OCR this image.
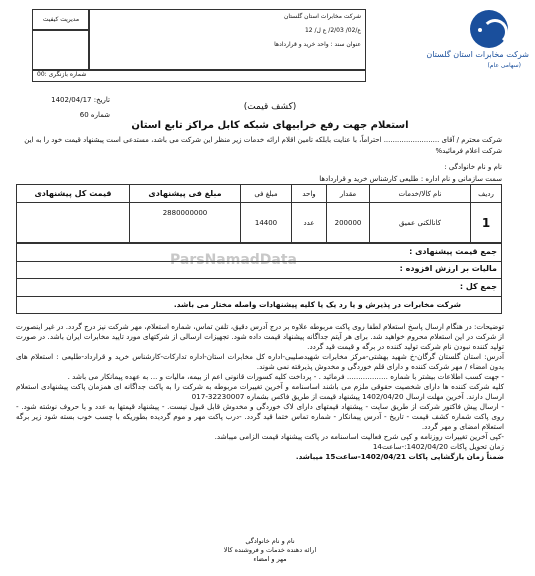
شرکت مخابرات استان گلستان
(سهامی عام)
شرکت مخابرات استان گلستان
ع/02/ 2/03/ ع ل/ 12
عنوان سند : واحد خرید و قراردادها
مدیریت کیفیت
شماره بازنگری :00
تاریخ: 1402/04/17
شماره 60
(کشف قیمت)
استعلام جهت رفع خرابیهای شبکه کابل مراکز تابع استان
شرکت محترم / آقای ......................... احتراماً، با عنایت بابلکه تامین اقلام ارائه خدمات زیر منظر این شرکت می باشد، مستدعی است پیشنهاد قیمت خود را به این شرکت اعلام فرمائید%
نام و نام خانوادگی :
سمت سازمانی و نام اداره : طلیعی کارشناس خرید و قراردادها
ردیف	نام کالا/خدمات	مقدار	واحد	مبلغ فی	مبلغ فی پیشنهادی	قیمت کل پیشنهادی
1	کانالکنی عمیق	200000	عدد	14400	2880000000	
ParsNamadData
جمع قیمت پیشنهادی :
مالیات بر ارزش افزوده :
جمع کل :
شرکت مخابرات در پذیرش و یا رد یک یا کلیه پیشنهادات واصله مختار می باشد.
توضیحات: در هنگام ارسال پاسخ استعلام لطفا روی پاکت مربوطه علاوه بر درج آدرس دقیق، تلفن تماس، شماره استعلام، مهر شرکت نیز درج گردد. در غیر اینصورت از شرکت در این استعلام محروم خواهید شد. برای هر آیتم جداگانه پیشنهاد قیمت داده شود. تجهیزات ارسالی از شرکتهای مورد تایید مخابرات ایران باشد. در صورت تولید کننده نبودن نام شرکت تولید کننده در برگه و قیمت قید گردد.
آدرس: استان گلستان گرگان-خ شهید بهشتی-مرکز مخابرات شهیدصلیبی-اداره کل مخابرات استان-اداره تدارکات-کارشناس خرید و قرارداد-طلیعی : استعلام های بدون امضاء / مهر شرکت کننده و دارای قلم خوردگی و مخدوش پذیرفته نمی شوند.
- جهت کسب اطلاعات بیشتر با شماره .................. فرمائید . - پرداخت کلیه کسورات قانونی اعم از بیمه، مالیات و ... به عهده پیمانکار می باشد .
کلیه شرکت کننده ها دارای شخصیت حقوقی ملزم می باشند اساسنامه و آخرین تغییرات مربوطه به شرکت را به پاکت جداگانه ای همزمان پاکت پیشنهادی استعلام ارسال دارند. آخرین مهلت ارسال 1402/04/20 پیشنهاد قیمت از طریق فاکس بشماره 32230007-017
- ارسال پیش فاکتور شرکت از طریق سایت - پیشنهاد قیمتهای دارای لاک خوردگی و مخدوش قابل قبول نیست. - پیشنهاد قیمتها به عدد و با حروف نوشته شود. - روی پاکت شماره کشف قیمت - تاریخ - آدرس پیمانکار - شماره تماس ختما قید گردد. -درب پاکت مهر و موم گردیده بطوریکه با چسب خوب بسته شود زیر برگه استعلام امضای و مهر گردد.
-کپی آخرین تغییرات روزنامه و کپی شرح فعالیت اساسنامه در پاکت پیشنهاد قیمت الزامی میباشد.
زمان تحویل پاکات 1402/04/20:-ساعت14
ضمناً زمان بازگشایی پاکات 1402/04/21-ساعت15 میباشد.
نام و نام خانوادگی
ارائه دهنده خدمات و فروشنده کالا
مهر و امضاء
